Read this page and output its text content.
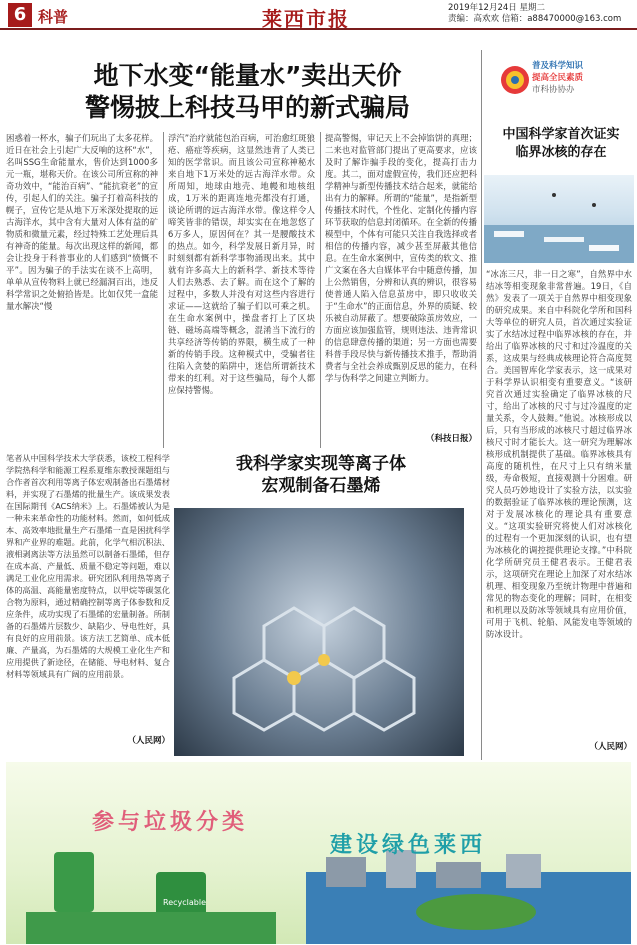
6 科普	莱西市报	2019年12月24日 星期二
责编：高欢欢 信箱：a88470000@163.com
地下水变“能量水”卖出天价
警惕披上科技马甲的新式骗局
困惑着一杯水，骗子们玩出了太多花样。近日在社会上引起广大反响的这杯“水”，名叫SSG生命能量水，售价达到1000多元一瓶，堪称天价。在该公司所宣称的神奇功效中，“能治百病”、“能抗衰老”的宣传，引起人们的关注。骗子打着高科技的幌子，宣传它是从地下万米深处提取的远古海洋水，其中含有大量对人体有益的矿物质和微量元素，经过特殊工艺处理后具有神奇的能量。每次出现这样的新闻，都会让投身于科普事业的人们感到“愤慨不平”。因为骗子的手法实在谈不上高明，单单从宣传物料上就已经漏洞百出，违反科学常识之处俯拾皆是。比如仅凭一盒能量水解决“慢
浮汽”治疗就能包治百病，可治愈红斑狼疮、癌症等疾病，这显然违背了人类已知的医学常识。而且该公司宣称神秘水来自地下1万米处的远古海洋水带。众所周知，地球由地壳、地幔和地核组成，1万米的距离连地壳都没有打通，谈论所谓的远古海洋水带。像这样令人啼笑皆非的错误，却实实在在地忽悠了6万多人，原因何在？其一是腰酸技术的热点。如今，科学发展日新月异，时时刻刻都有新科学事物涌现出来。其中就有许多高大上的新科学、新技术等待人们去熟悉、去了解。而在这个了解的过程中，多数人并没有对这些内容进行求证——这就给了骗子们以可乘之机。在生命水案例中，操盘者打上了区块链、磁场高端等概念，混淆当下流行的共享经济等传销的界限，横生成了一种新的传销手段。这种模式中，受骗者往往陷入贪婪的陷阱中，迷信所谓新技术带来的红利。对于这些骗局，每个人都应保持警惕。
提高警惕，审记天上不会掉馅饼的真理；二来也对监管部门提出了更高要求，应该及时了解诈骗手段的变化，提高打击力度。其二，面对虚假宣传，我们还应把科学精神与新型传播技术结合起来，就能给出有力的解释。所谓的“能量”，是指新型传播技术时代，个性化、定制化传播内容环节获取的信息封闭循环。在全新的传播模型中，个体有可能只关注自我选择或者相信的传播内容，减少甚至屏蔽其他信息。在生命水案例中，宣传类的软文、推广文案在各大自媒体平台中随意传播，加上公然销售，分辨和认真的辨识，很容易使普通人陷入信息茧房中，即只收收关于“生命水”的正面信息，外界的质疑、较乐被自动屏蔽了。想要破除茧房效应，一方面应该加强监管，规则违法、违背常识的信息肆意传播的渠道；另一方面也需要科普手段尽快与新传播技术推手，帮助消费者与全社会养成甄别反思的能力，在科学与伪科学之间建立判断力。
（科技日报）
普及科学知识
提高全民素质
市科协协办
中国科学家首次证实
临界冰核的存在
“冰冻三尺，非一日之寒”，自然界中水结冰等相变现象非常普遍。19日，《自然》发表了一项关于自然界中相变现象的研究成果。来自中科院化学所和国科大等单位的研究人员，首次通过实验证实了水结冰过程中临界冰核的存在，并给出了临界冰核的尺寸和过冷温度的关系，这成果与经典成核理论符合高度契合。美国智库化学家表示，这一成果对于科学界认识相变有重要意义。“该研究首次通过实验确定了临界冰核的尺寸，给出了冰核的尺寸与过冷温度的定量关系，令人鼓舞。”他说。冰核形成以后，只有当形成的冰核尺寸超过临界冰核尺寸时才能长大。这一研究为理解冰核形成机制提供了基础。临界冰核具有高度的随机性，在尺寸上只有纳米量级，寿命极短，直接观测十分困难。研究人员巧妙地设计了实验方法，以实验的数据验证了临界冰核的理论预测，这对于发展冰核化的理论具有重要意义。“这项实验研究将使人们对冰核化的过程有一个更加深刻的认识，也有望为冰核化的调控提供理论支撑。”中科院化学所研究员王健君表示。王健君表示，这项研究在理论上加深了对水结冰机理、相变现象乃至统计物理中普遍和常见的物态变化的理解；同时，在相变和机理以及防冰等领域具有应用价值，可用于飞机、轮船、风能发电等领域的防冰设计。
（人民网）
笔者从中国科学技术大学获悉，该校工程科学学院热科学和能源工程系夏维东教授课题组与合作者首次利用等离子体宏观制备出石墨烯材料，并实现了石墨烯的批量生产。该成果发表在国际期刊《ACS纳米》上。石墨烯被认为是一种未来革命性的功能材料。然而，如何低成本、高效率地批量生产石墨烯一直是困扰科学界和产业界的难题。此前，化学气相沉积法、液相剥离法等方法虽然可以制备石墨烯，但存在成本高、产量低、质量不稳定等问题，难以满足工业化应用需求。研究团队利用热等离子体的高温、高能量密度特点，以甲烷等碳氢化合物为原料，通过精确控制等离子体参数和反应条件，成功实现了石墨烯的宏量制备。所制备的石墨烯片层数少、缺陷少、导电性好，具有良好的应用前景。该方法工艺简单、成本低廉、产量高，为石墨烯的大规模工业化生产和应用提供了新途径，在储能、导电材料、复合材料等领域具有广阔的应用前景。
（人民网）
我科学家实现等离子体
宏观制备石墨烯
参与垃圾分类
建设绿色莱西
Recyclable
